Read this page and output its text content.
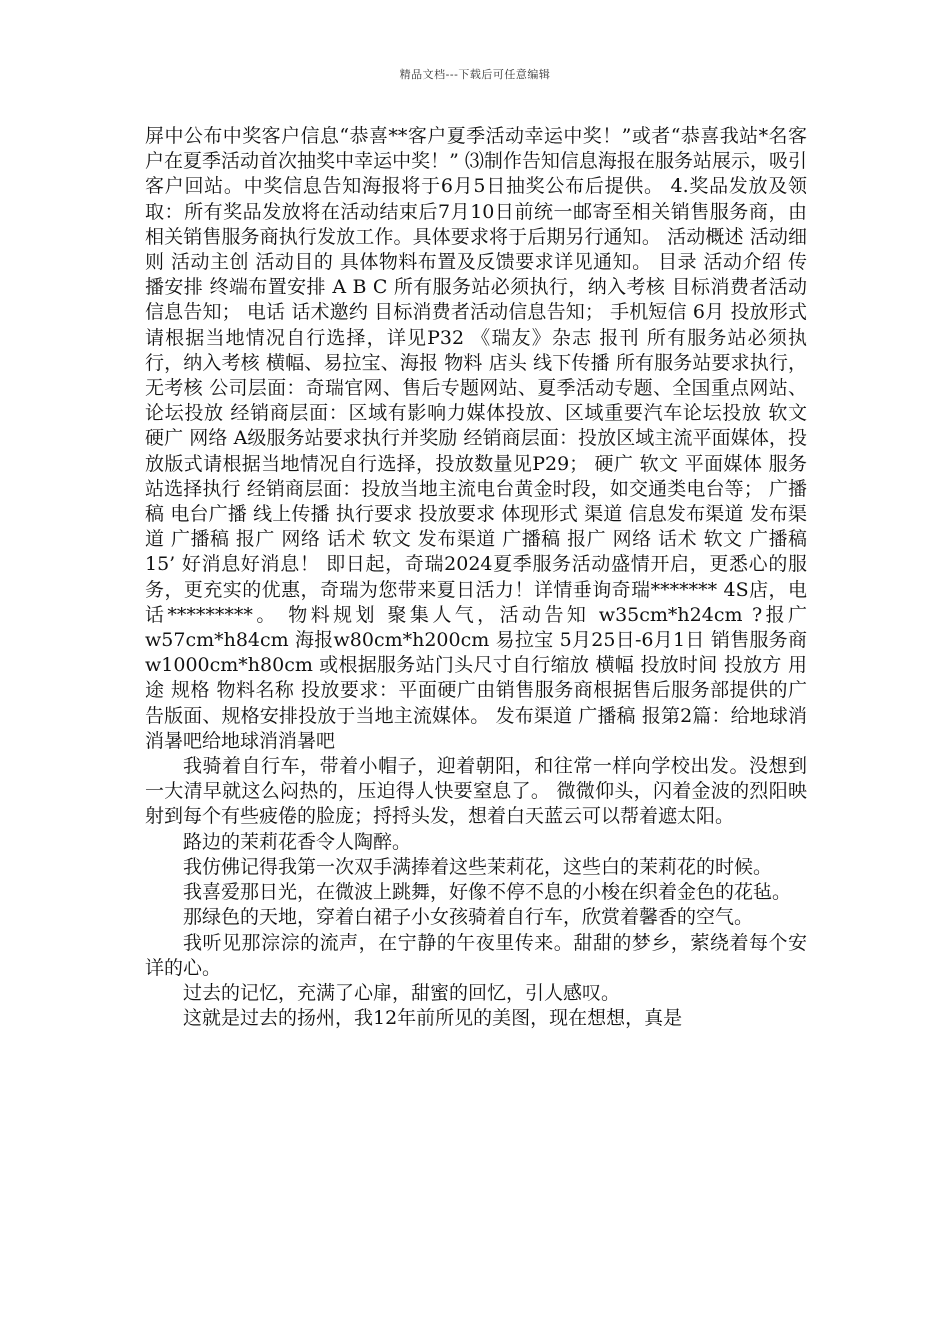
精品文档---下载后可任意编辑

屏中公布中奖客户信息“恭喜**客户夏季活动幸运中奖！”或者“恭喜我站*名客户在夏季活动首次抽奖中幸运中奖！” ⑶制作告知信息海报在服务站展示，吸引客户回站。中奖信息告知海报将于6月5日抽奖公布后提供。 4.奖品发放及领取：所有奖品发放将在活动结束后7月10日前统一邮寄至相关销售服务商，由相关销售服务商执行发放工作。具体要求将于后期另行通知。 活动概述 活动细则 活动主创 活动目的 具体物料布置及反馈要求详见通知。 目录 活动介绍 传播安排 终端布置安排 A B C 所有服务站必须执行，纳入考核 目标消费者活动信息告知； 电话 话术邀约 目标消费者活动信息告知； 手机短信 6月 投放形式请根据当地情况自行选择，详见P32 《瑞友》杂志 报刊 所有服务站必须执行，纳入考核 横幅、易拉宝、海报 物料 店头 线下传播 所有服务站要求执行，无考核 公司层面：奇瑞官网、售后专题网站、夏季活动专题、全国重点网站、论坛投放 经销商层面：区域有影响力媒体投放、区域重要汽车论坛投放 软文 硬广 网络 A级服务站要求执行并奖励 经销商层面：投放区域主流平面媒体，投放版式请根据当地情况自行选择，投放数量见P29； 硬广 软文 平面媒体 服务站选择执行 经销商层面：投放当地主流电台黄金时段，如交通类电台等； 广播稿 电台广播 线上传播 执行要求 投放要求 体现形式 渠道 信息发布渠道 发布渠道 广播稿 报广 网络 话术 软文 发布渠道 广播稿 报广 网络 话术 软文 广播稿 15’ 好消息好消息！ 即日起，奇瑞2024夏季服务活动盛情开启，更悉心的服务，更充实的优惠，奇瑞为您带来夏日活力！详情垂询奇瑞******* 4S店，电话*********。 物料规划 聚集人气，活动告知 w35cm*h24cm ?报广 w57cm*h84cm 海报w80cm*h200cm 易拉宝 5月25日-6月1日 销售服务商w1000cm*h80cm 或根据服务站门头尺寸自行缩放 横幅 投放时间 投放方 用途 规格 物料名称 投放要求：平面硬广由销售服务商根据售后服务部提供的广告版面、规格安排投放于当地主流媒体。 发布渠道 广播稿 报第2篇：给地球消消暑吧给地球消消暑吧

我骑着自行车，带着小帽子，迎着朝阳，和往常一样向学校出发。没想到一大清早就这么闷热的，压迫得人快要窒息了。 微微仰头，闪着金波的烈阳映射到每个有些疲倦的脸庞；捋捋头发，想着白天蓝云可以帮着遮太阳。

路边的茉莉花香令人陶醉。

我仿佛记得我第一次双手满捧着这些茉莉花，这些白的茉莉花的时候。

我喜爱那日光，在微波上跳舞，好像不停不息的小梭在织着金色的花毡。

那绿色的天地，穿着白裙子小女孩骑着自行车，欣赏着馨香的空气。

我听见那淙淙的流声，在宁静的午夜里传来。甜甜的梦乡，萦绕着每个安详的心。

过去的记忆，充满了心扉，甜蜜的回忆，引人感叹。

这就是过去的扬州，我12年前所见的美图，现在想想，真是
